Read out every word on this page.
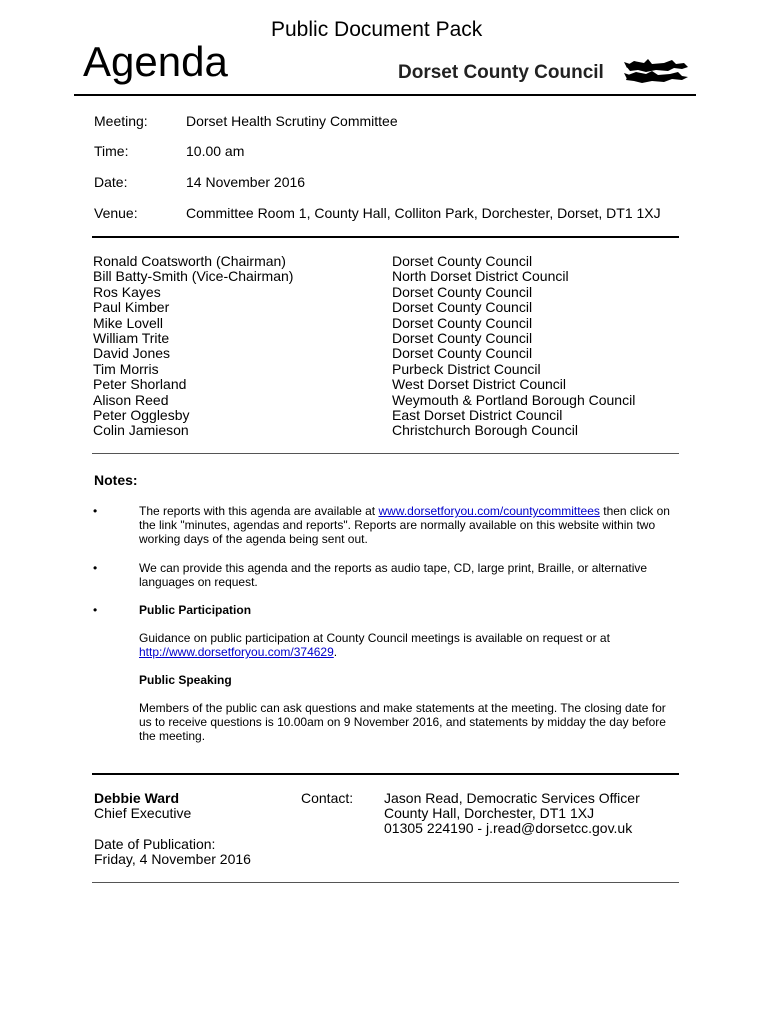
Public Document Pack
Agenda	Dorset County Council
Meeting:	Dorset Health Scrutiny Committee
Time:	10.00 am
Date:	14 November 2016
Venue:	Committee Room 1, County Hall, Colliton Park, Dorchester, Dorset, DT1 1XJ
Ronald Coatsworth (Chairman)	Dorset County Council
Bill Batty-Smith (Vice-Chairman)	North Dorset District Council
Ros Kayes	Dorset County Council
Paul Kimber	Dorset County Council
Mike Lovell	Dorset County Council
William Trite	Dorset County Council
David Jones	Dorset County Council
Tim Morris	Purbeck District Council
Peter Shorland	West Dorset District Council
Alison Reed	Weymouth & Portland Borough Council
Peter Ogglesby	East Dorset District Council
Colin Jamieson	Christchurch Borough Council
Notes:
•	The reports with this agenda are available at www.dorsetforyou.com/countycommittees then click on the link "minutes, agendas and reports". Reports are normally available on this website within two working days of the agenda being sent out.
•	We can provide this agenda and the reports as audio tape, CD, large print, Braille, or alternative languages on request.
•	Public Participation
Guidance on public participation at County Council meetings is available on request or at http://www.dorsetforyou.com/374629.
Public Speaking
Members of the public can ask questions and make statements at the meeting. The closing date for us to receive questions is 10.00am on 9 November 2016, and statements by midday the day before the meeting.
Debbie Ward
Chief Executive
Contact: Jason Read, Democratic Services Officer
County Hall, Dorchester, DT1 1XJ
01305 224190 - j.read@dorsetcc.gov.uk
Date of Publication:
Friday, 4 November 2016
